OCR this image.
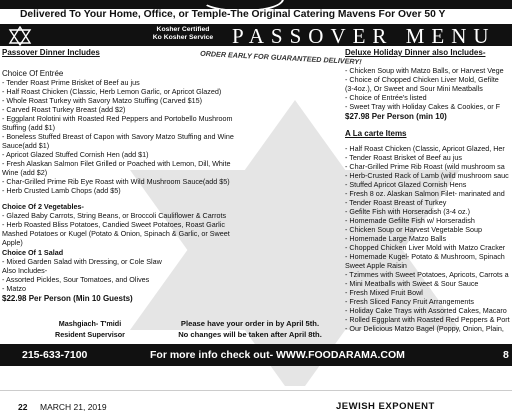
Delivered To Your Home, Office, or Temple-The Original Catering Mavens For Over 50 Y
Kosher Certified
Ko Kosher Service PASSOVER MENU
Passover Dinner Includes	ORDER EARLY FOR GUARANTEED DELIVERY!
Choice Of Entrée
- Tender Roast Prime Brisket of Beef au jus
- Half Roast Chicken (Classic, Herb Lemon Garlic, or Apricot Glazed)
- Whole Roast Turkey with Savory Matzo Stuffing (Carved $15)
- Carved Roast Turkey Breast (add $2)
- Eggplant Rolotini with Roasted Red Peppers and Portobello Mushroom
Stuffing (add $1)
- Boneless Stuffed Breast of Capon with Savory Matzo Stuffing and Wine
Sauce(add $1)
- Apricot Glazed Stuffed Cornish Hen (add $1)
- Fresh Alaskan Salmon Filet Grilled or Poached with Lemon, Dill, White
Wine (add $2)
- Char-Grilled Prime Rib Eye Roast with Wild Mushroom Sauce(add $5)
- Herb Crusted Lamb Chops (add $5)
Choice Of 2 Vegetables-
- Glazed Baby Carrots, String Beans, or Broccoli Cauliflower & Carrots
- Herb Roasted Bliss Potatoes, Candied Sweet Potatoes, Roast Garlic
Mashed Potatoes or Kugel (Potato & Onion, Spinach & Garlic, or Sweet
Apple)
Choice Of 1 Salad
- Mixed Garden Salad with Dressing, or Cole Slaw
Also Includes-
- Assorted Pickles, Sour Tomatoes, and Olives
- Matzo
$22.98 Per Person (Min 10 Guests)
Deluxe Holiday Dinner also Includes-
- Chicken Soup with Matzo Balls, or Harvest Vege
- Choice of Chopped Chicken Liver Mold, Gefilte
(3-4oz.), Or Sweet and Sour Mini Meatballs
- Choice of Entrée's listed
- Sweet Tray with Holiday Cakes & Cookies, or F
$27.98 Per Person (min 10)
A La carte Items
- Half Roast Chicken (Classic, Apricot Glazed, Her
- Tender Roast Brisket of Beef au jus
- Char-Grilled Prime Rib Roast (wild mushroom sa
- Herb-Crusted Rack of Lamb (wild mushroom sauc
- Stuffed Apricot Glazed Cornish Hens
- Fresh 8 oz. Alaskan Salmon Filet- marinated and
- Tender Roast Breast of Turkey
- Gefilte Fish with Horseradish (3-4 oz.)
- Homemade Gefilte Fish w/ Horseradish
- Chicken Soup or Harvest Vegetable Soup
- Homemade Large Matzo Balls
- Chopped Chicken Liver Mold with Matzo Cracker
- Homemade Kugel- Potato & Mushroom, Spinach
Sweet Apple Raisin
- Tzimmes with Sweet Potatoes, Apricots, Carrots a
- Mini Meatballs with Sweet & Sour Sauce
- Fresh Mixed Fruit Bowl
- Fresh Sliced Fancy Fruit Arrangements
- Holiday Cake Trays with Assorted Cakes, Macaro
- Rolled Eggplant with Roasted Red Peppers & Port
- Our Delicious Matzo Bagel (Poppy, Onion, Plain,
Mashgiach- T'midi
Resident Supervisor
Please have your order in by April 5th.
No changes will be taken after April 8th.
215-633-7100	For more info check out- WWW.FOODARAMA.COM	8
22 MARCH 21, 2019	JEWISH EXPONENT
